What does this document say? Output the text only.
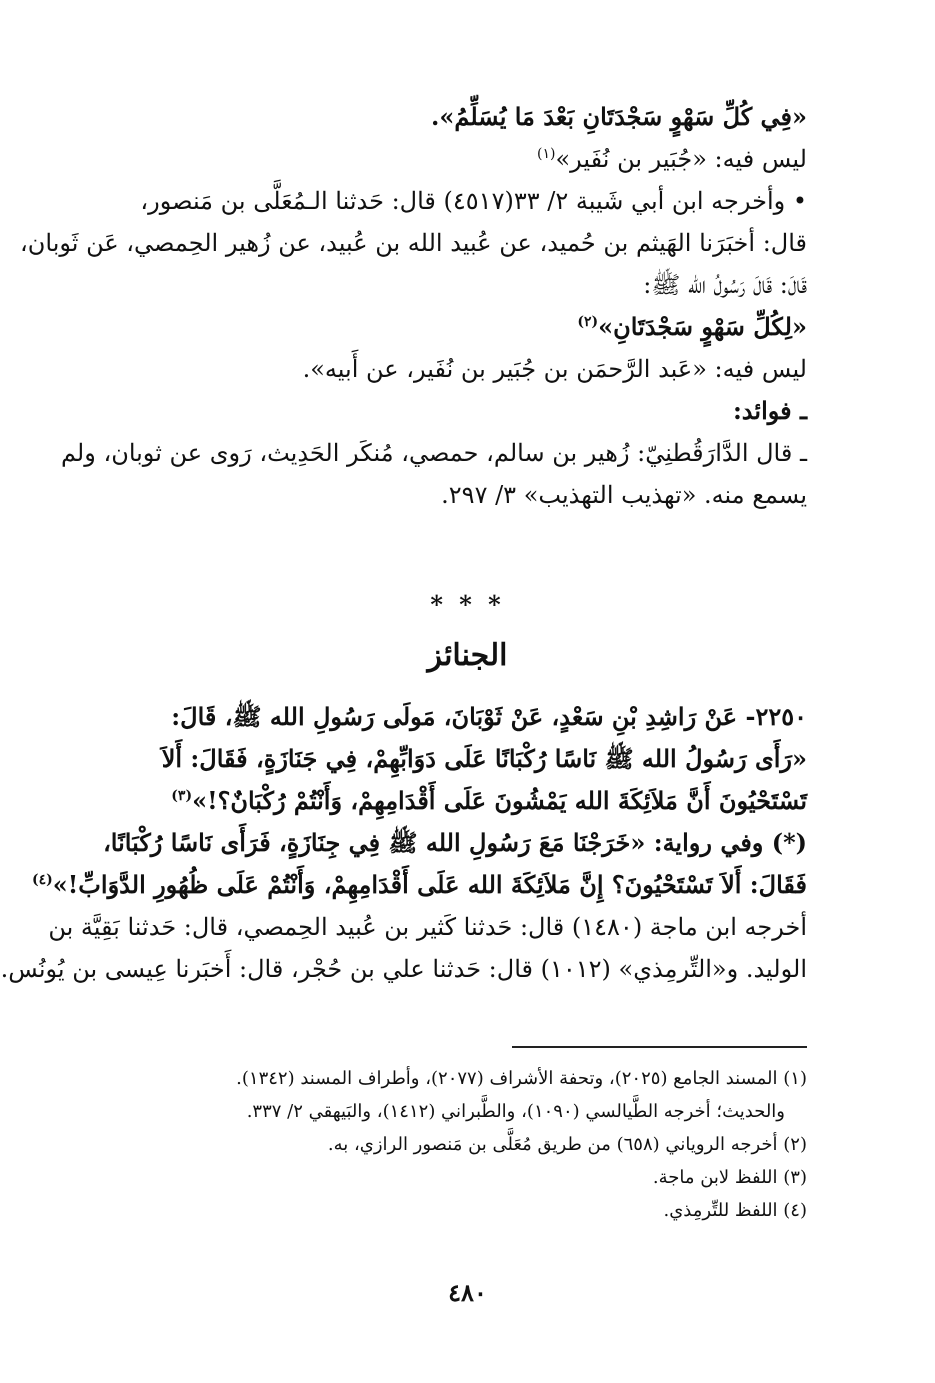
«فِي كُلِّ سَهْوٍ سَجْدَتَانِ بَعْدَ مَا يُسَلِّمُ».
ليس فيه: «جُبَير بن نُفَير»$^{(١)}$
• وأخرجه ابن أبي شَيبة ٢/ ٣٣(٤٥١٧) قال: حَدثنا الـمُعَلَّى بن مَنصور،
قال: أخبَرَنا الهَيثم بن حُميد، عن عُبيد الله بن عُبيد، عن زُهير الحِمصي، عَن ثَوبان،
قَالَ: قَالَ رَسُولُ الله ﷺ:
«لِكُلِّ سَهْوٍ سَجْدَتَانِ»$^{(٢)}$
ليس فيه: «عَبد الرَّحمَن بن جُبَير بن نُفَير، عن أَبيه».
ـ فوائد:
ـ قال الدَّارَقُطنِيّ: زُهير بن سالم، حمصي، مُنكَر الحَدِيث، رَوى عن ثوبان، ولم
يسمع منه. «تهذيب التهذيب» ٣/ ٢٩٧.
* * *
الجنائز
٢٢٥٠- عَنْ رَاشِدِ بْنِ سَعْدٍ، عَنْ ثَوْبَانَ، مَولَى رَسُولِ الله ﷺ، قَالَ:
«رَأَى رَسُولُ الله ﷺ نَاسًا رُكْبَانًا عَلَى دَوَابِّهِمْ، فِي جَنَازَةٍ، فَقَالَ: أَلاَ
تَسْتَحْيُونَ أَنَّ مَلاَئِكَةَ الله يَمْشُونَ عَلَى أَقْدَامِهِمْ، وَأَنْتُمْ رُكْبَانٌ؟!»$^{(٣)}$
(*) وفي رواية: «خَرَجْنَا مَعَ رَسُولِ الله ﷺ فِي جِنَازَةٍ، فَرَأَى نَاسًا رُكْبَانًا،
فَقَالَ: أَلاَ تَسْتَحْيُونَ؟ إِنَّ مَلاَئِكَةَ الله عَلَى أَقْدَامِهِمْ، وَأَنْتُمْ عَلَى ظُهُورِ الدَّوَابِّ!»$^{(٤)}$
أخرجه ابن ماجة (١٤٨٠) قال: حَدثنا كَثير بن عُبيد الحِمصي، قال: حَدثنا بَقِيَّة بن
الوليد. و«التِّرمِذي» (١٠١٢) قال: حَدثنا علي بن حُجْر، قال: أَخبَرنا عِيسى بن يُونُس.
(١) المسند الجامع (٢٠٢٥)، وتحفة الأشراف (٢٠٧٧)، وأطراف المسند (١٣٤٢).
والحديث؛ أخرجه الطَّيالسي (١٠٩٠)، والطَّبراني (١٤١٢)، والبَيهقي ٢/ ٣٣٧.
(٢) أخرجه الروياني (٦٥٨) من طريق مُعَلَّى بن مَنصور الرازي، به.
(٣) اللفظ لابن ماجة.
(٤) اللفظ للتِّرمِذي.
٤٨٠
